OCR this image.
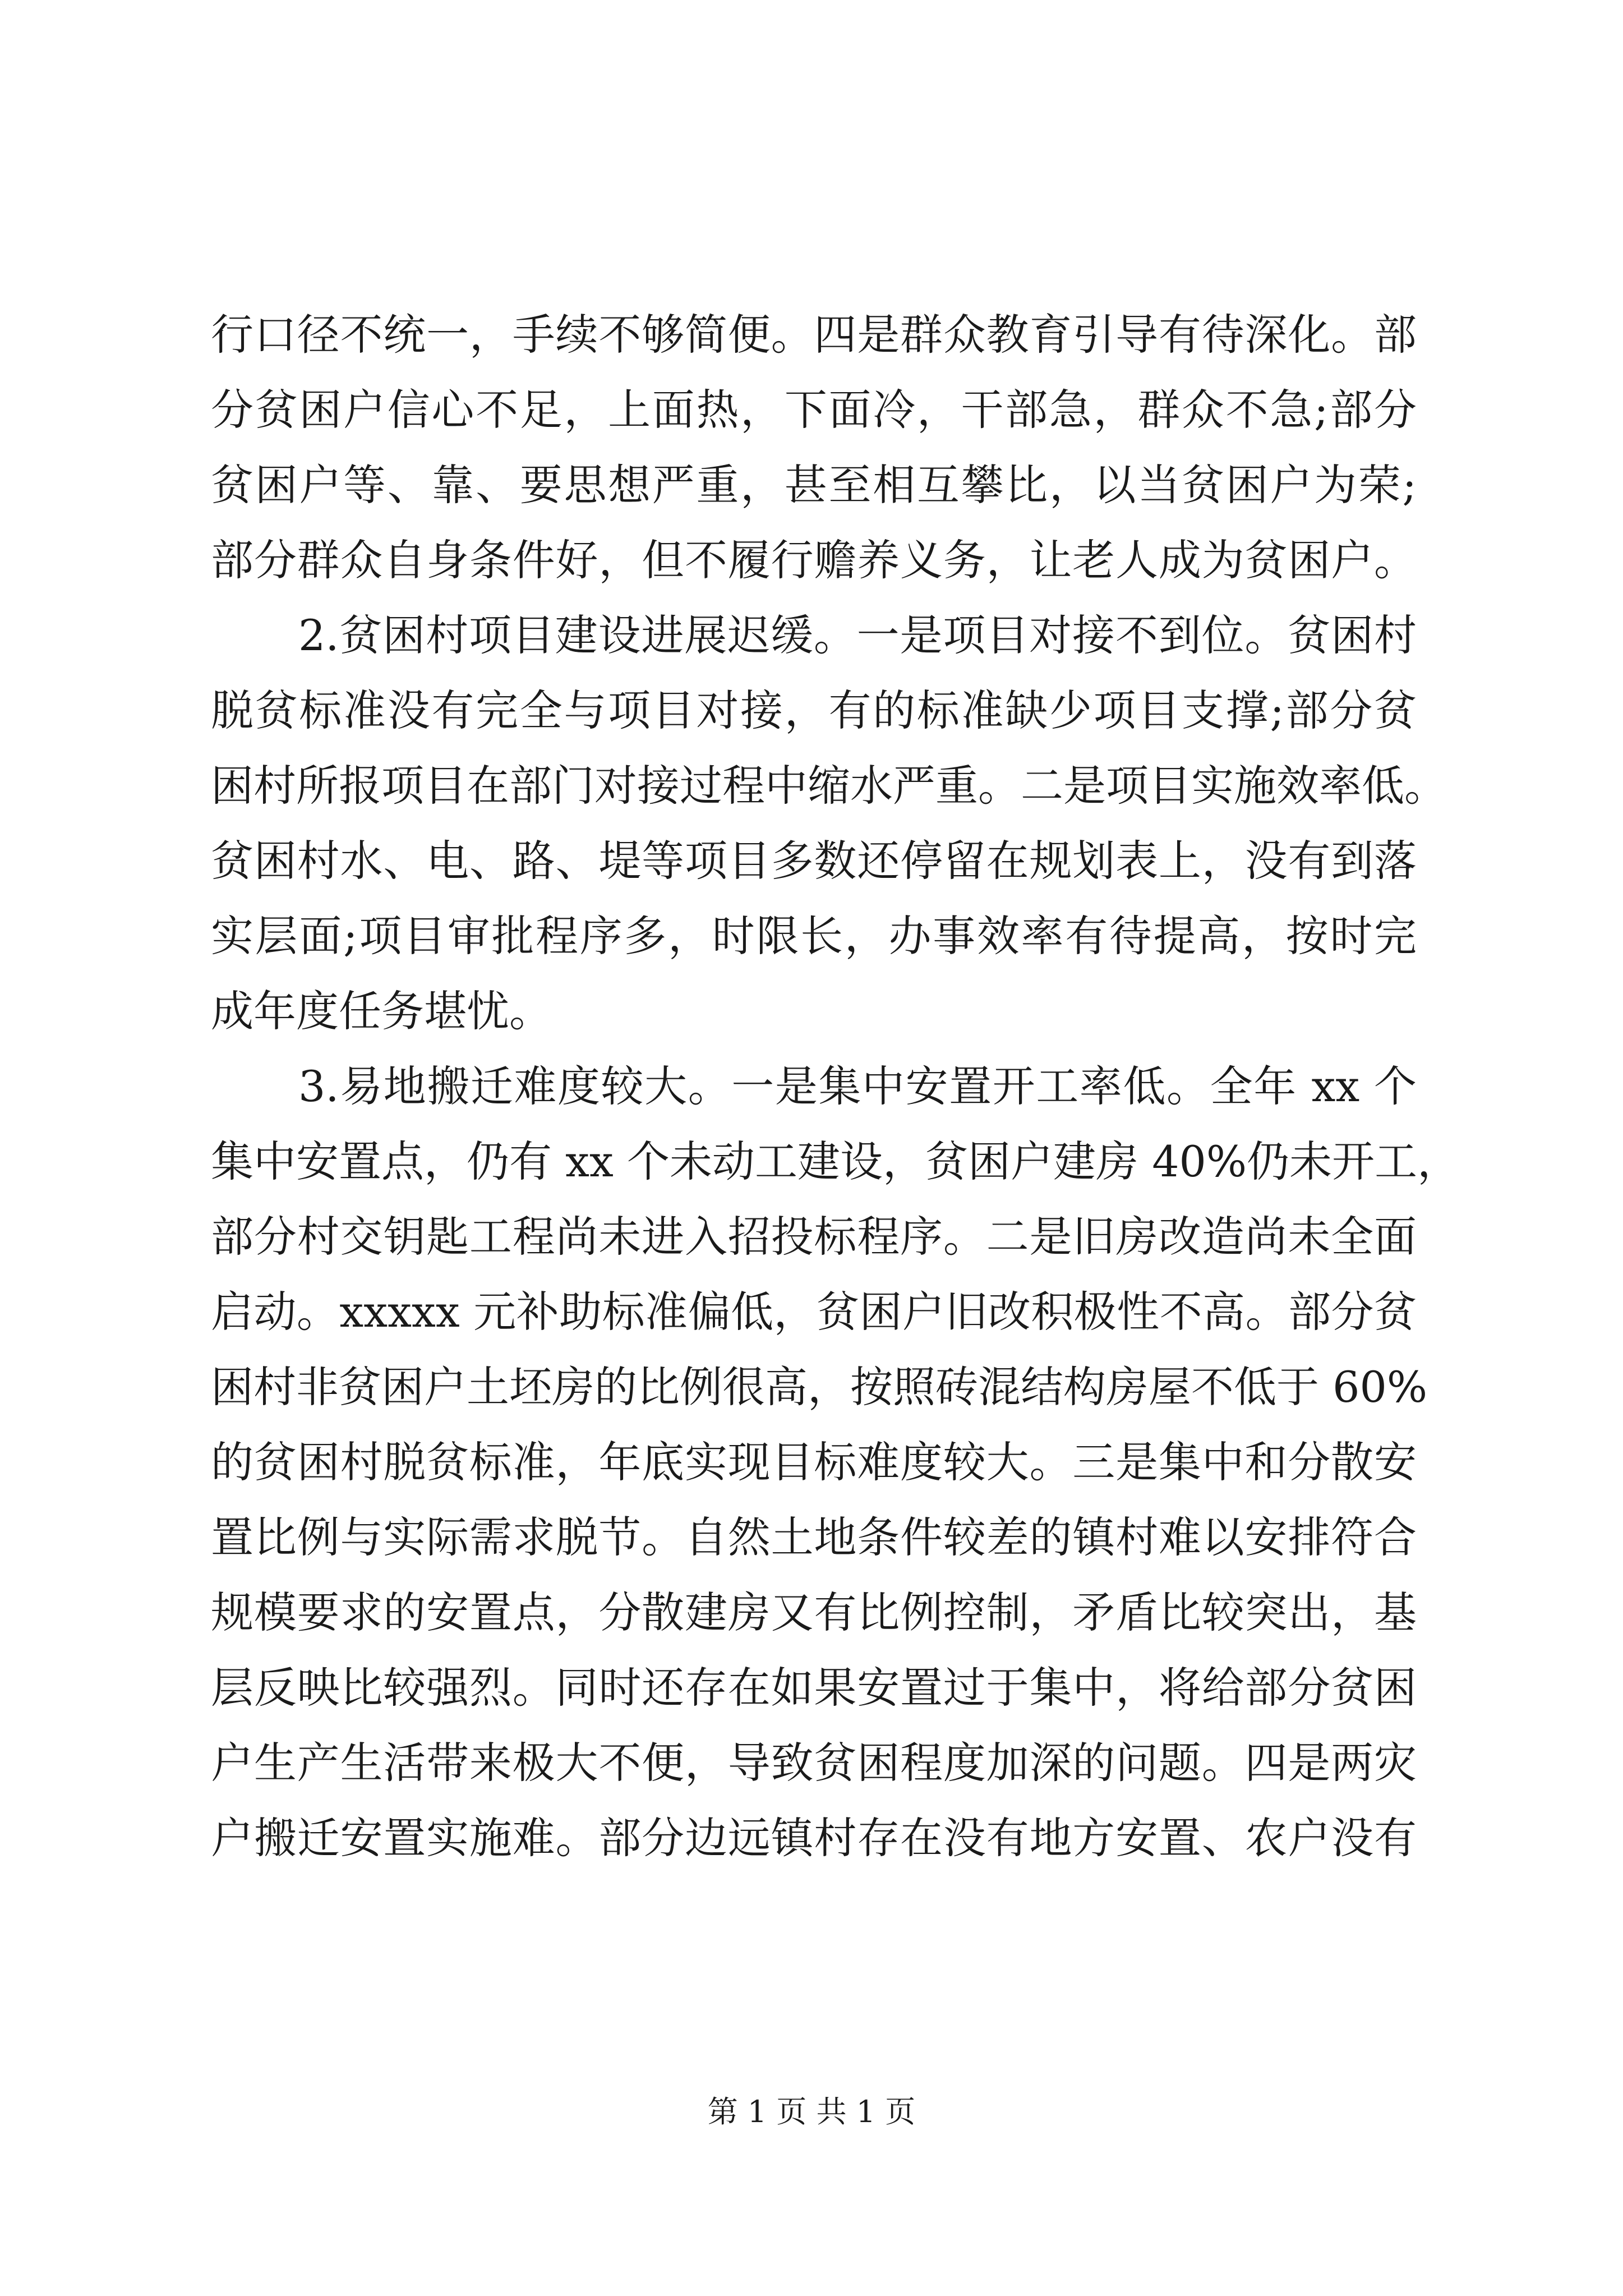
行口径不统一，手续不够简便。四是群众教育引导有待深化。部
分贫困户信心不足，上面热，下面冷，干部急，群众不急;部分
贫困户等、靠、要思想严重，甚至相互攀比，以当贫困户为荣;
部分群众自身条件好，但不履行赡养义务，让老人成为贫困户。
2.贫困村项目建设进展迟缓。一是项目对接不到位。贫困村
脱贫标准没有完全与项目对接，有的标准缺少项目支撑;部分贫
困村所报项目在部门对接过程中缩水严重。二是项目实施效率低。
贫困村水、电、路、堤等项目多数还停留在规划表上，没有到落
实层面;项目审批程序多，时限长，办事效率有待提高，按时完
成年度任务堪忧。
3.易地搬迁难度较大。一是集中安置开工率低。全年 xx 个
集中安置点，仍有 xx 个未动工建设，贫困户建房 40%仍未开工，
部分村交钥匙工程尚未进入招投标程序。二是旧房改造尚未全面
启动。xxxxx 元补助标准偏低，贫困户旧改积极性不高。部分贫
困村非贫困户土坯房的比例很高，按照砖混结构房屋不低于 60%
的贫困村脱贫标准，年底实现目标难度较大。三是集中和分散安
置比例与实际需求脱节。自然土地条件较差的镇村难以安排符合
规模要求的安置点，分散建房又有比例控制，矛盾比较突出，基
层反映比较强烈。同时还存在如果安置过于集中，将给部分贫困
户生产生活带来极大不便，导致贫困程度加深的问题。四是两灾
户搬迁安置实施难。部分边远镇村存在没有地方安置、农户没有
第 1 页 共 1 页
